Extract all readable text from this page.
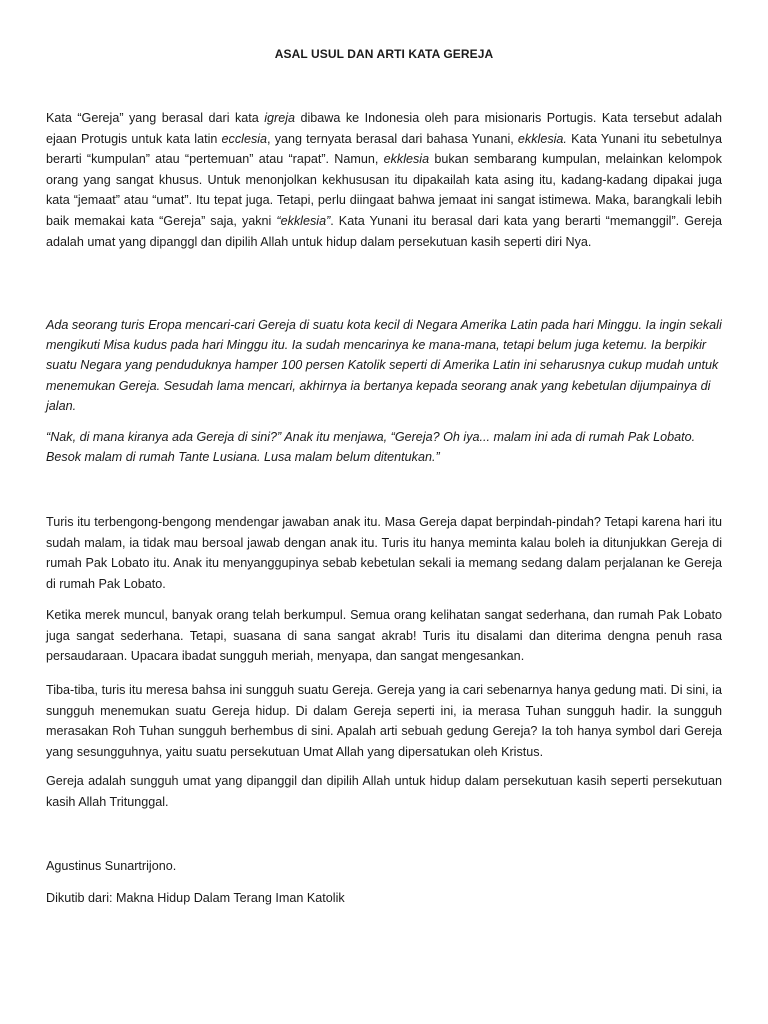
ASAL USUL DAN ARTI KATA GEREJA

Kata “Gereja” yang berasal dari kata igreja dibawa ke Indonesia oleh para misionaris Portugis. Kata tersebut adalah ejaan Protugis untuk kata latin ecclesia, yang ternyata berasal dari bahasa Yunani, ekklesia. Kata Yunani itu sebetulnya berarti “kumpulan” atau “pertemuan” atau “rapat”. Namun, ekklesia bukan sembarang kumpulan, melainkan kelompok orang yang sangat khusus. Untuk menonjolkan kekhususan itu dipakailah kata asing itu, kadang-kadang dipakai juga kata “jemaat” atau “umat”. Itu tepat juga. Tetapi, perlu diingaat bahwa jemaat ini sangat istimewa. Maka, barangkali lebih baik memakai kata “Gereja” saja, yakni “ekklesia”. Kata Yunani itu berasal dari kata yang berarti “memanggil”. Gereja adalah umat yang dipanggl dan dipilih Allah untuk hidup dalam persekutuan kasih seperti diri Nya.

Ada seorang turis Eropa mencari-cari Gereja di suatu kota kecil di Negara Amerika Latin pada hari Minggu. Ia ingin sekali mengikuti Misa kudus pada hari Minggu itu. Ia sudah mencarinya ke mana-mana, tetapi belum juga ketemu. Ia berpikir suatu Negara yang penduduknya hamper 100 persen Katolik seperti di Amerika Latin ini seharusnya cukup mudah untuk menemukan Gereja. Sesudah lama mencari, akhirnya ia bertanya kepada seorang anak yang kebetulan dijumpainya di jalan.

“Nak, di mana kiranya ada Gereja di sini?” Anak itu menjawa, “Gereja? Oh iya... malam ini ada di rumah Pak Lobato. Besok malam di rumah Tante Lusiana. Lusa malam belum ditentukan.”

Turis itu terbengong-bengong mendengar jawaban anak itu. Masa Gereja dapat berpindah-pindah? Tetapi karena hari itu sudah malam, ia tidak mau bersoal jawab dengan anak itu. Turis itu hanya meminta kalau boleh ia ditunjukkan Gereja di rumah Pak Lobato itu. Anak itu menyanggupinya sebab kebetulan sekali ia memang sedang dalam perjalanan ke Gereja di rumah Pak Lobato.

Ketika merek muncul, banyak orang telah berkumpul. Semua orang kelihatan sangat sederhana, dan rumah Pak Lobato juga sangat sederhana. Tetapi, suasana di sana sangat akrab! Turis itu disalami dan diterima dengna penuh rasa persaudaraan. Upacara ibadat sungguh meriah, menyapa, dan sangat mengesankan.

Tiba-tiba, turis itu meresa bahsa ini sungguh suatu Gereja. Gereja yang ia cari sebenarnya hanya gedung mati. Di sini, ia sungguh menemukan suatu Gereja hidup. Di dalam Gereja seperti ini, ia merasa Tuhan sungguh hadir. Ia sungguh merasakan Roh Tuhan sungguh berhembus di sini. Apalah arti sebuah gedung Gereja? Ia toh hanya symbol dari Gereja yang sesungguhnya, yaitu suatu persekutuan Umat Allah yang dipersatukan oleh Kristus.

Gereja adalah sungguh umat yang dipanggil dan dipilih Allah untuk hidup dalam persekutuan kasih seperti persekutuan kasih Allah Tritunggal.

Agustinus Sunartrijono.
Dikutib dari: Makna Hidup Dalam Terang Iman Katolik
